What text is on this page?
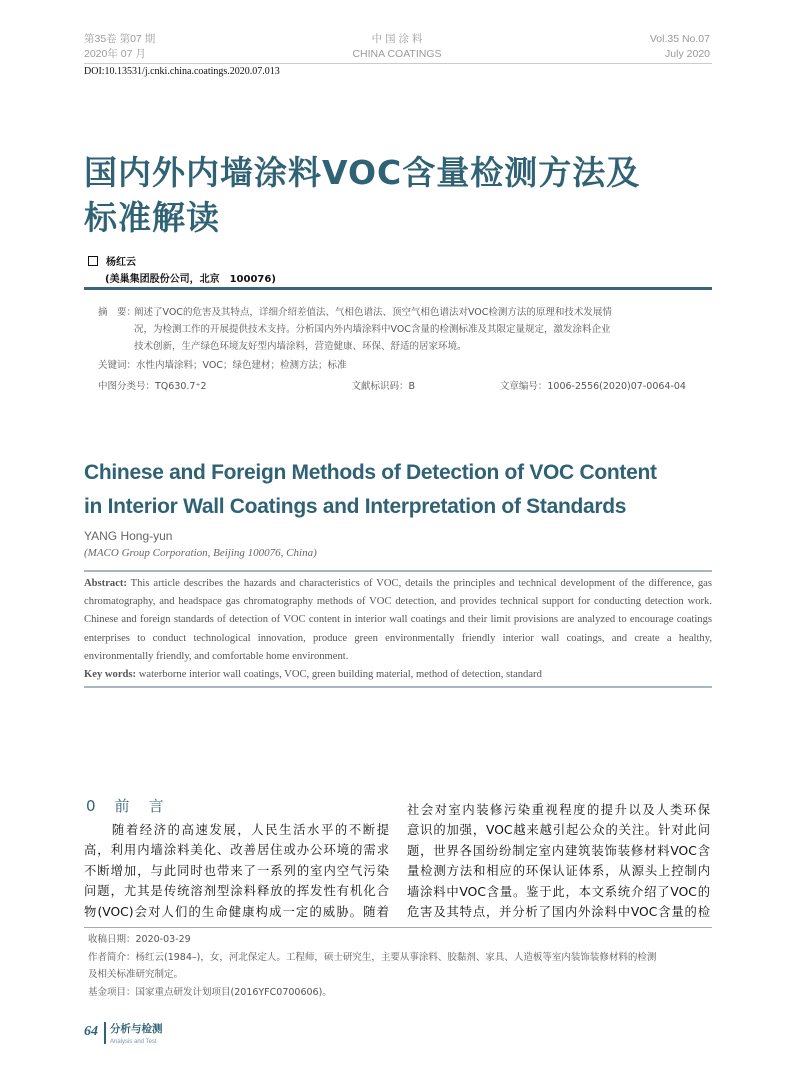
第35卷 第07 期
2020年 07 月
中 国 涂 料
CHINA COATINGS
Vol.35 No.07
July 2020
DOI:10.13531/j.cnki.china.coatings.2020.07.013
国内外内墙涂料VOC含量检测方法及
标准解读
杨红云
(美巢集团股份公司，北京　100076)
摘　要：阐述了VOC的危害及其特点，详细介绍差值法、气相色谱法、顶空气相色谱法对VOC检测方法的原理和技术发展情
况，为检测工作的开展提供技术支持。分析国内外内墙涂料中VOC含量的检测标准及其限定量规定，激发涂料企业
技术创新，生产绿色环境友好型内墙涂料，营造健康、环保、舒适的居家环境。
关键词：水性内墙涂料；VOC；绿色建材；检测方法；标准
中图分类号：TQ630.7⁺2	文献标识码：B	文章编号：1006-2556(2020)07-0064-04
Chinese and Foreign Methods of Detection of VOC Content
in Interior Wall Coatings and Interpretation of Standards
YANG Hong-yun
(MACO Group Corporation, Beijing 100076, China)
Abstract: This article describes the hazards and characteristics of VOC, details the principles and technical development of the difference, gas chromatography, and headspace gas chromatography methods of VOC detection, and provides technical support for conducting detection work. Chinese and foreign standards of detection of VOC content in interior wall coatings and their limit provisions are analyzed to encourage coatings enterprises to conduct technological innovation, produce green environmentally friendly interior wall coatings, and create a healthy, environmentally friendly, and comfortable home environment.
Key words: waterborne interior wall coatings, VOC, green building material, method of detection, standard
0　前　言
　　随着经济的高速发展，人民生活水平的不断提
高，利用内墙涂料美化、改善居住或办公环境的需求
不断增加，与此同时也带来了一系列的室内空气污染
问题，尤其是传统溶剂型涂料释放的挥发性有机化合
物(VOC)会对人们的生命健康构成一定的威胁。随着
社会对室内装修污染重视程度的提升以及人类环保
意识的加强，VOC越来越引起公众的关注。针对此问
题，世界各国纷纷制定室内建筑装饰装修材料VOC含
量检测方法和相应的环保认证体系，从源头上控制内
墙涂料中VOC含量。鉴于此，本文系统介绍了VOC的
危害及其特点，并分析了国内外涂料中VOC含量的检
收稿日期：2020-03-29
作者简介：杨红云(1984–)，女，河北保定人。工程师，硕士研究生，主要从事涂料、胶黏剂、家具、人造板等室内装饰装修材料的检测
及相关标准研究制定。
基金项目：国家重点研发计划项目(2016YFC0700606)。
64 分析与检测
Analysis and Test
